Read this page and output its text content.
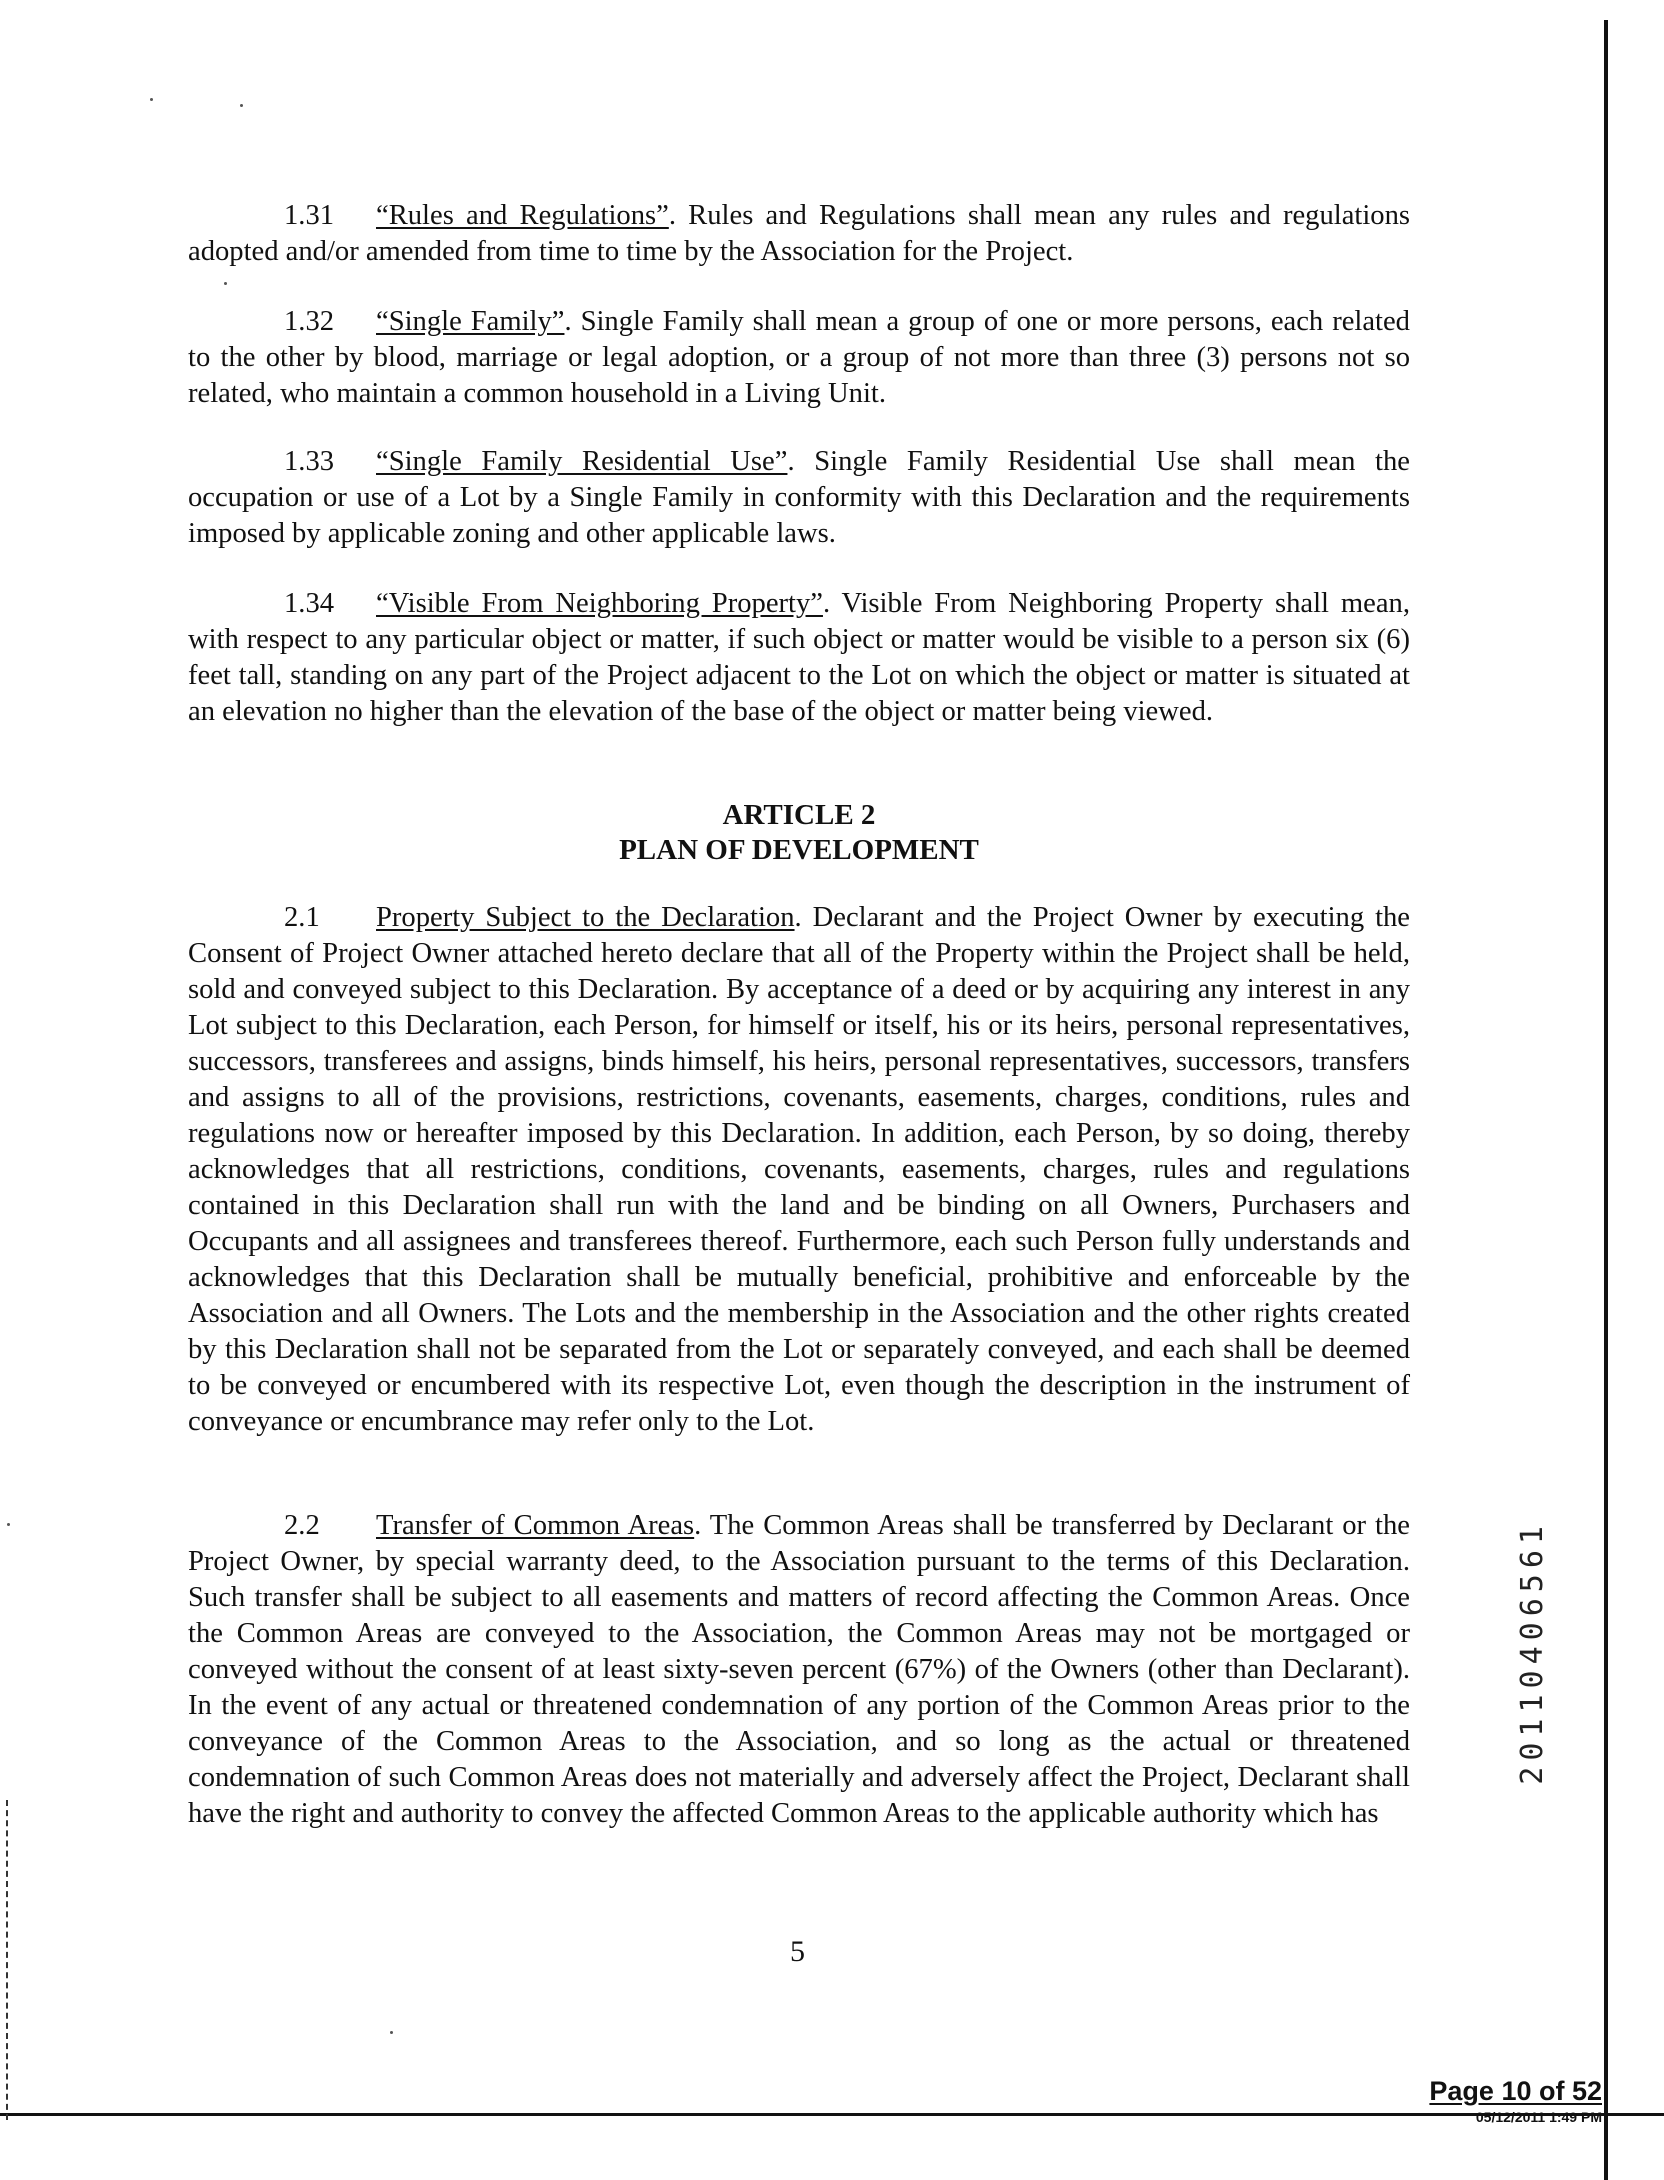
1.31 “Rules and Regulations”. Rules and Regulations shall mean any rules and regulations adopted and/or amended from time to time by the Association for the Project.

1.32 “Single Family”. Single Family shall mean a group of one or more persons, each related to the other by blood, marriage or legal adoption, or a group of not more than three (3) persons not so related, who maintain a common household in a Living Unit.

1.33 “Single Family Residential Use”. Single Family Residential Use shall mean the occupation or use of a Lot by a Single Family in conformity with this Declaration and the requirements imposed by applicable zoning and other applicable laws.

1.34 “Visible From Neighboring Property”. Visible From Neighboring Property shall mean, with respect to any particular object or matter, if such object or matter would be visible to a person six (6) feet tall, standing on any part of the Project adjacent to the Lot on which the object or matter is situated at an elevation no higher than the elevation of the base of the object or matter being viewed.

ARTICLE 2
PLAN OF DEVELOPMENT

2.1 Property Subject to the Declaration. Declarant and the Project Owner by executing the Consent of Project Owner attached hereto declare that all of the Property within the Project shall be held, sold and conveyed subject to this Declaration. By acceptance of a deed or by acquiring any interest in any Lot subject to this Declaration, each Person, for himself or itself, his or its heirs, personal representatives, successors, transferees and assigns, binds himself, his heirs, personal representatives, successors, transfers and assigns to all of the provisions, restrictions, covenants, easements, charges, conditions, rules and regulations now or hereafter imposed by this Declaration. In addition, each Person, by so doing, thereby acknowledges that all restrictions, conditions, covenants, easements, charges, rules and regulations contained in this Declaration shall run with the land and be binding on all Owners, Purchasers and Occupants and all assignees and transferees thereof. Furthermore, each such Person fully understands and acknowledges that this Declaration shall be mutually beneficial, prohibitive and enforceable by the Association and all Owners. The Lots and the membership in the Association and the other rights created by this Declaration shall not be separated from the Lot or separately conveyed, and each shall be deemed to be conveyed or encumbered with its respective Lot, even though the description in the instrument of conveyance or encumbrance may refer only to the Lot.

2.2 Transfer of Common Areas. The Common Areas shall be transferred by Declarant or the Project Owner, by special warranty deed, to the Association pursuant to the terms of this Declaration. Such transfer shall be subject to all easements and matters of record affecting the Common Areas. Once the Common Areas are conveyed to the Association, the Common Areas may not be mortgaged or conveyed without the consent of at least sixty-seven percent (67%) of the Owners (other than Declarant). In the event of any actual or threatened condemnation of any portion of the Common Areas prior to the conveyance of the Common Areas to the Association, and so long as the actual or threatened condemnation of such Common Areas does not materially and adversely affect the Project, Declarant shall have the right and authority to convey the affected Common Areas to the applicable authority which has

20110406561
5
Page 10 of 52
05/12/2011 1:49 PM
